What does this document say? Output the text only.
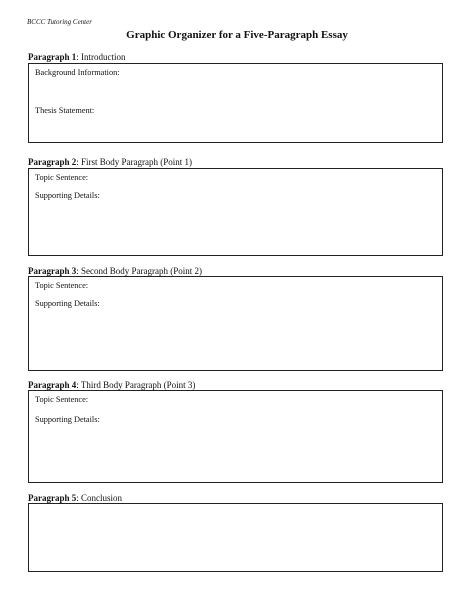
BCCC Tutoring Center
Graphic Organizer for a Five-Paragraph Essay
Paragraph 1: Introduction
Background Information:
Thesis Statement:
Paragraph 2: First Body Paragraph (Point 1)
Topic Sentence:
Supporting Details:
Paragraph 3: Second Body Paragraph (Point 2)
Topic Sentence:
Supporting Details:
Paragraph 4: Third Body Paragraph (Point 3)
Topic Sentence:
Supporting Details:
Paragraph 5: Conclusion
